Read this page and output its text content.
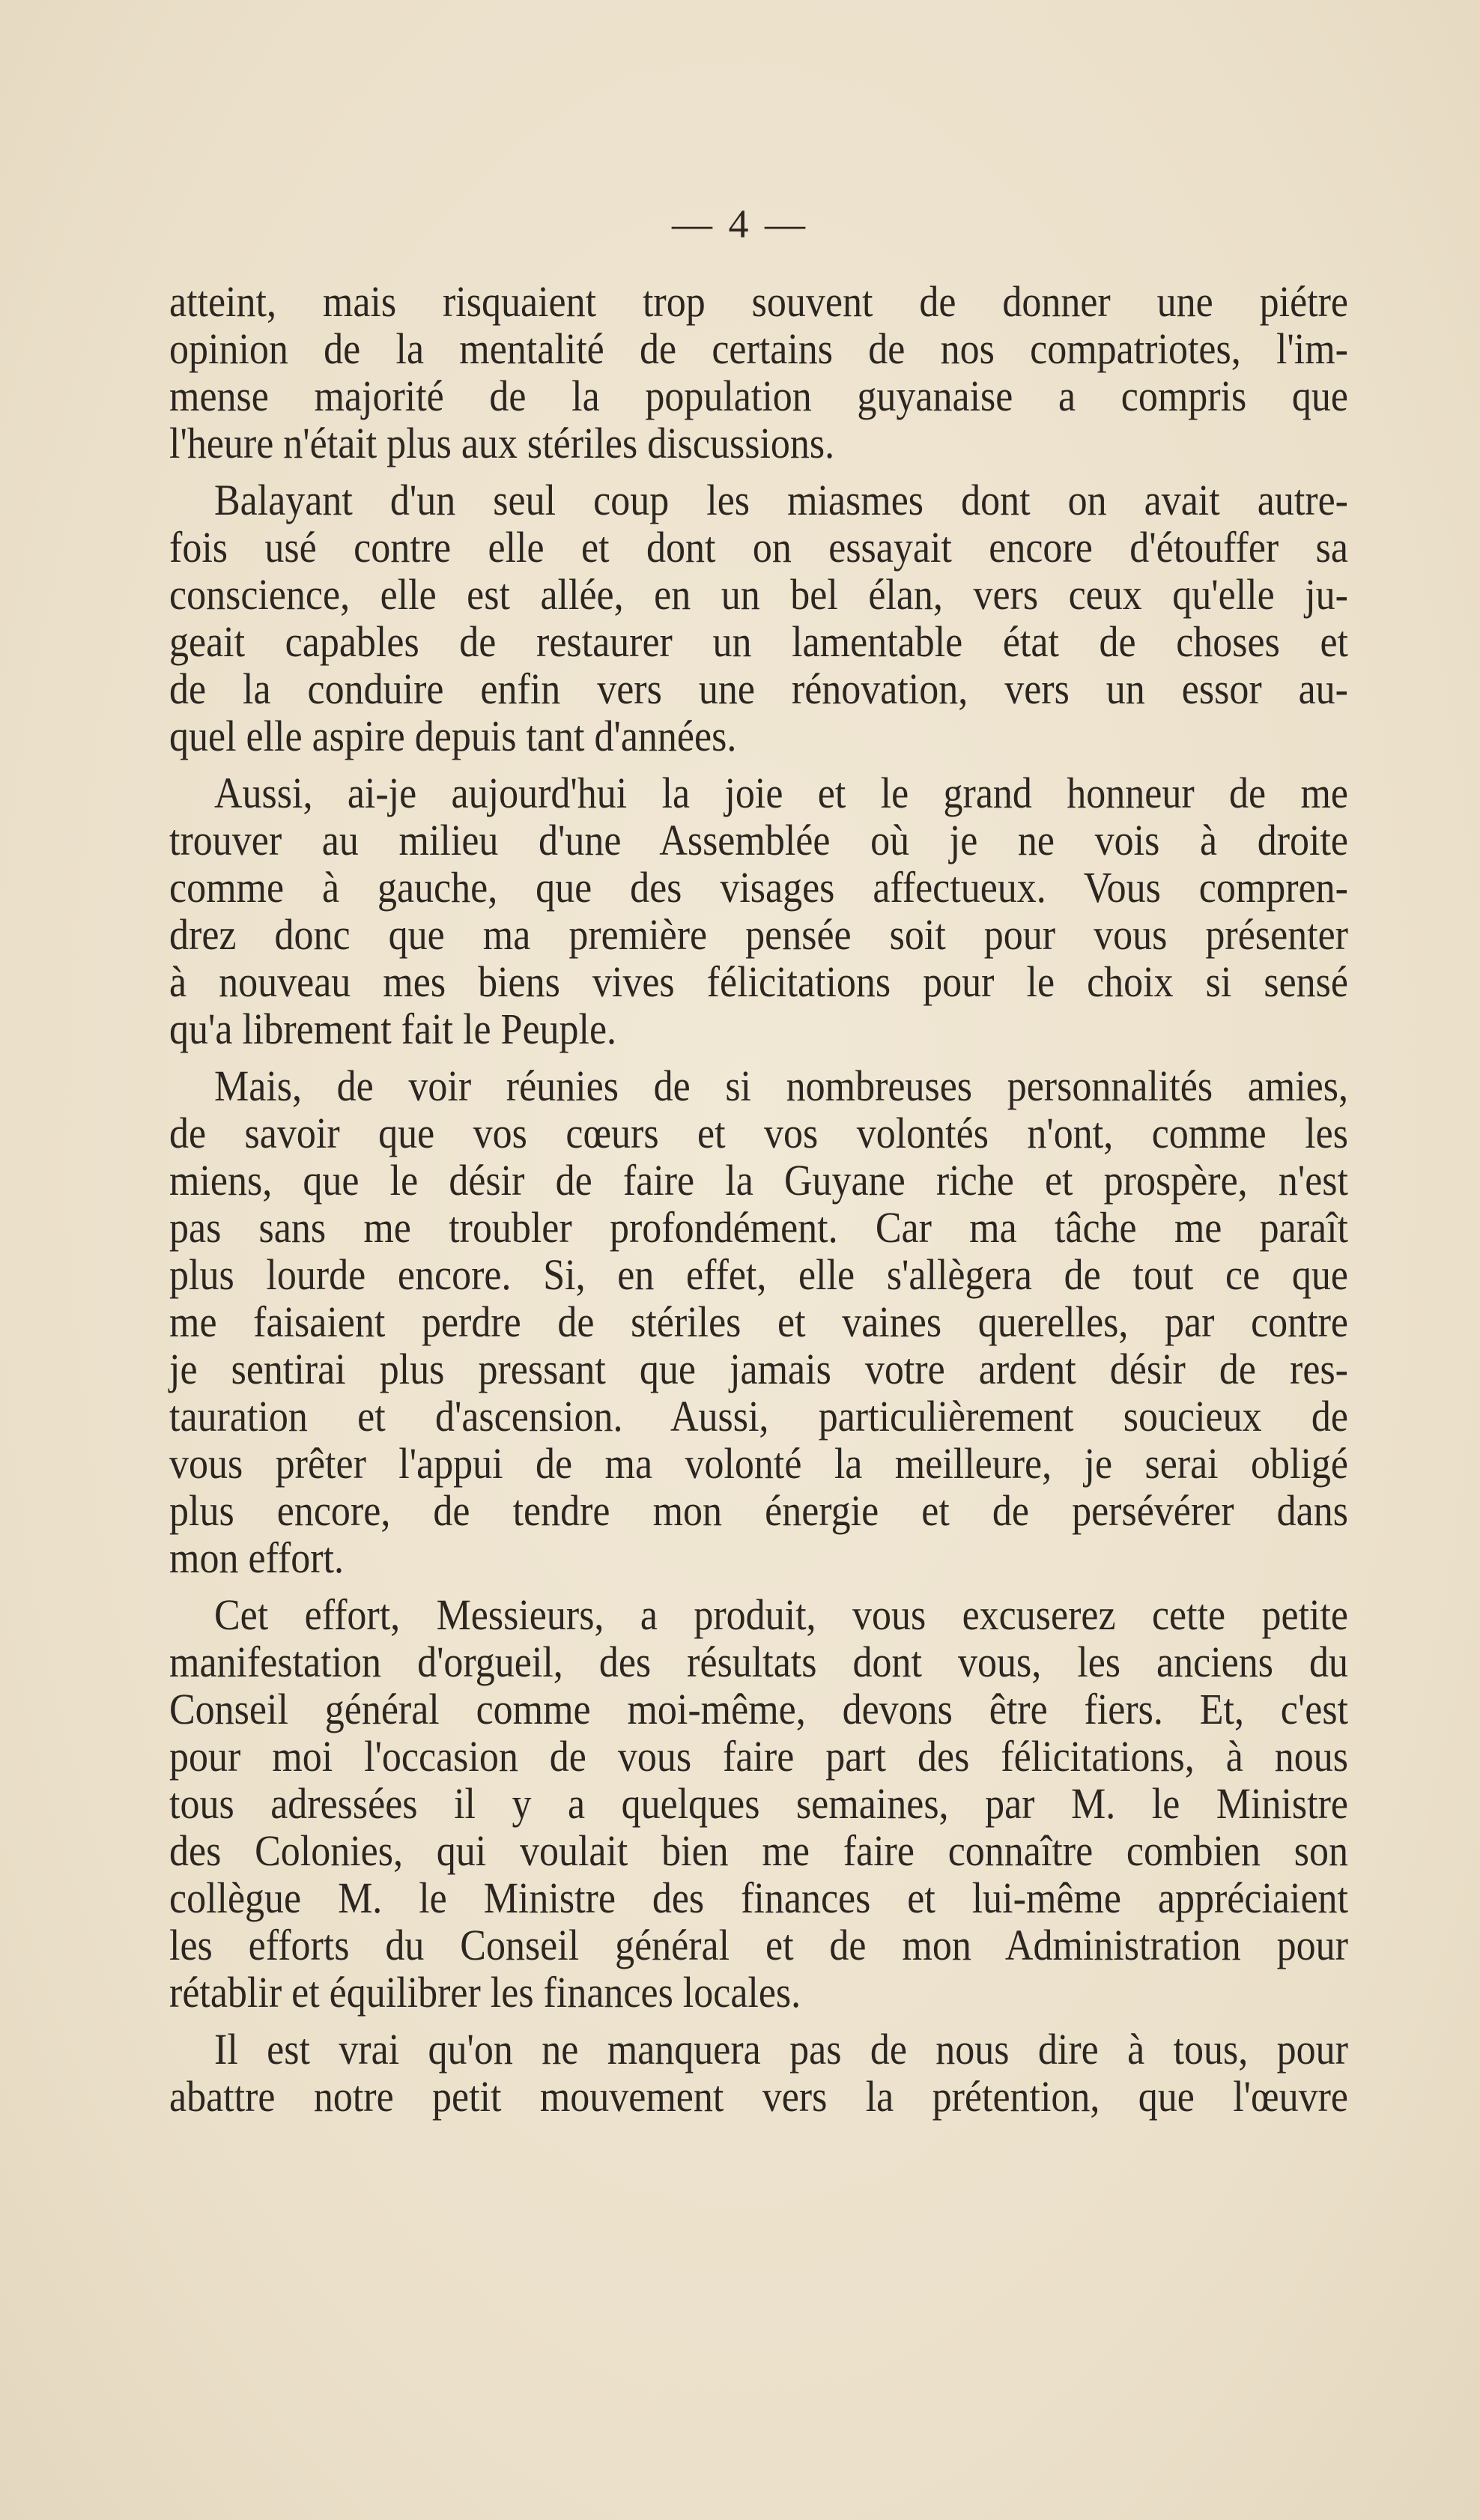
— 4 —
atteint, mais risquaient trop souvent de donner une piétre
opinion de la mentalité de certains de nos compatriotes, l'im-
mense majorité de la population guyanaise a compris que
l'heure n'était plus aux stériles discussions.
Balayant d'un seul coup les miasmes dont on avait autre-
fois usé contre elle et dont on essayait encore d'étouffer sa
conscience, elle est allée, en un bel élan, vers ceux qu'elle ju-
geait capables de restaurer un lamentable état de choses et
de la conduire enfin vers une rénovation, vers un essor au-
quel elle aspire depuis tant d'années.
Aussi, ai-je aujourd'hui la joie et le grand honneur de me
trouver au milieu d'une Assemblée où je ne vois à droite
comme à gauche, que des visages affectueux. Vous compren-
drez donc que ma première pensée soit pour vous présenter
à nouveau mes biens vives félicitations pour le choix si sensé
qu'a librement fait le Peuple.
Mais, de voir réunies de si nombreuses personnalités amies,
de savoir que vos cœurs et vos volontés n'ont, comme les
miens, que le désir de faire la Guyane riche et prospère, n'est
pas sans me troubler profondément. Car ma tâche me paraît
plus lourde encore. Si, en effet, elle s'allègera de tout ce que
me faisaient perdre de stériles et vaines querelles, par contre
je sentirai plus pressant que jamais votre ardent désir de res-
tauration et d'ascension. Aussi, particulièrement soucieux de
vous prêter l'appui de ma volonté la meilleure, je serai obligé
plus encore, de tendre mon énergie et de persévérer dans
mon effort.
Cet effort, Messieurs, a produit, vous excuserez cette petite
manifestation d'orgueil, des résultats dont vous, les anciens du
Conseil général comme moi-même, devons être fiers. Et, c'est
pour moi l'occasion de vous faire part des félicitations, à nous
tous adressées il y a quelques semaines, par M. le Ministre
des Colonies, qui voulait bien me faire connaître combien son
collègue M. le Ministre des finances et lui-même appréciaient
les efforts du Conseil général et de mon Administration pour
rétablir et équilibrer les finances locales.
Il est vrai qu'on ne manquera pas de nous dire à tous, pour
abattre notre petit mouvement vers la prétention, que l'œuvre
